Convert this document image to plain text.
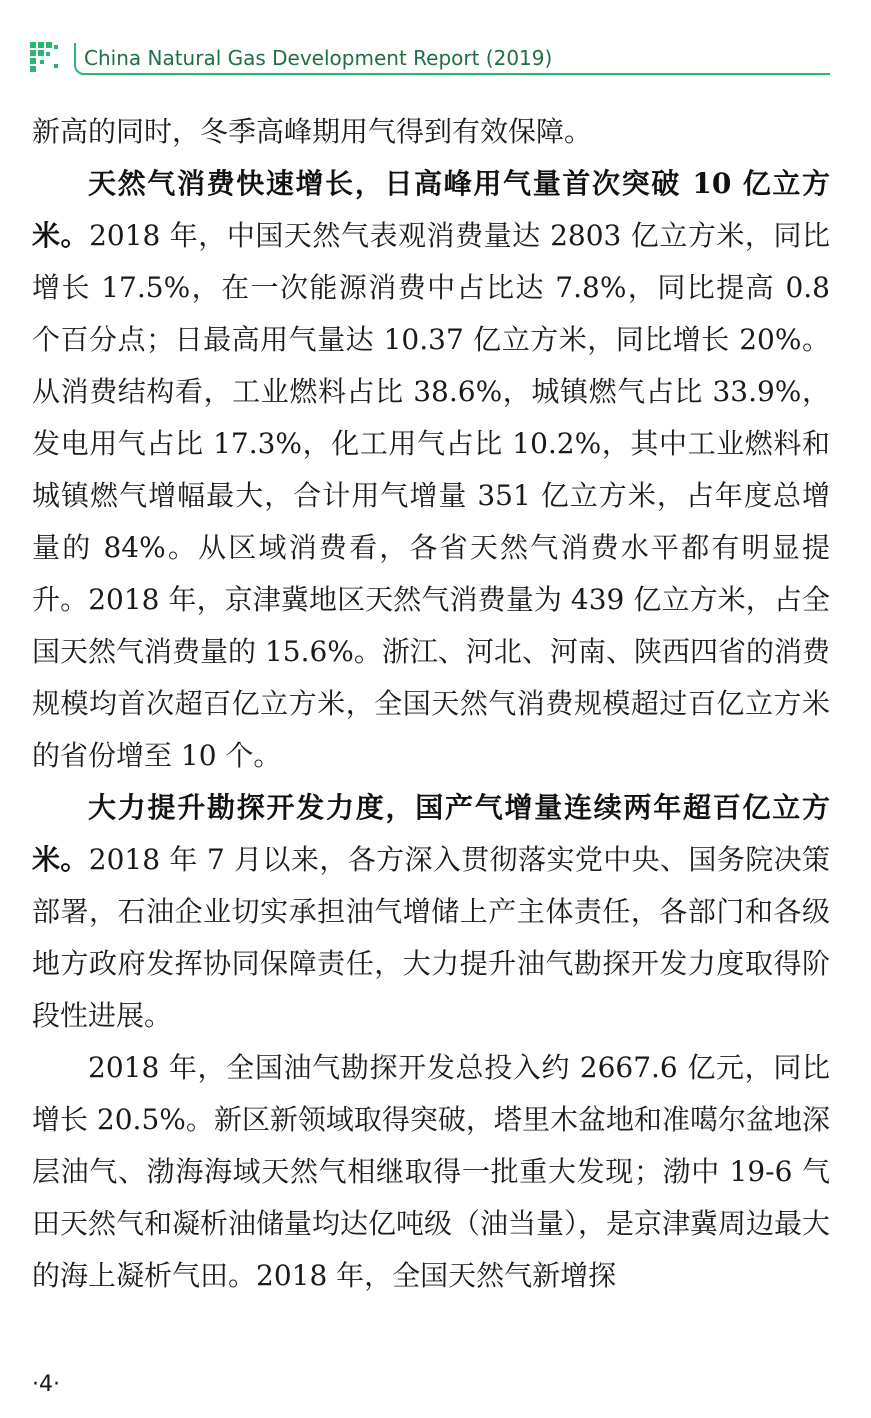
China Natural Gas Development Report (2019)

新高的同时，冬季高峰期用气得到有效保障。

天然气消费快速增长，日高峰用气量首次突破 10 亿立方米。2018 年，中国天然气表观消费量达 2803 亿立方米，同比增长 17.5%，在一次能源消费中占比达 7.8%，同比提高 0.8 个百分点；日最高用气量达 10.37 亿立方米，同比增长 20%。从消费结构看，工业燃料占比 38.6%，城镇燃气占比 33.9%，发电用气占比 17.3%，化工用气占比 10.2%，其中工业燃料和城镇燃气增幅最大，合计用气增量 351 亿立方米，占年度总增量的 84%。从区域消费看，各省天然气消费水平都有明显提升。2018 年，京津冀地区天然气消费量为 439 亿立方米，占全国天然气消费量的 15.6%。浙江、河北、河南、陕西四省的消费规模均首次超百亿立方米，全国天然气消费规模超过百亿立方米的省份增至 10 个。

大力提升勘探开发力度，国产气增量连续两年超百亿立方米。2018 年 7 月以来，各方深入贯彻落实党中央、国务院决策部署，石油企业切实承担油气增储上产主体责任，各部门和各级地方政府发挥协同保障责任，大力提升油气勘探开发力度取得阶段性进展。

2018 年，全国油气勘探开发总投入约 2667.6 亿元，同比增长 20.5%。新区新领域取得突破，塔里木盆地和准噶尔盆地深层油气、渤海海域天然气相继取得一批重大发现；渤中 19-6 气田天然气和凝析油储量均达亿吨级（油当量），是京津冀周边最大的海上凝析气田。2018 年，全国天然气新增探

·4·
